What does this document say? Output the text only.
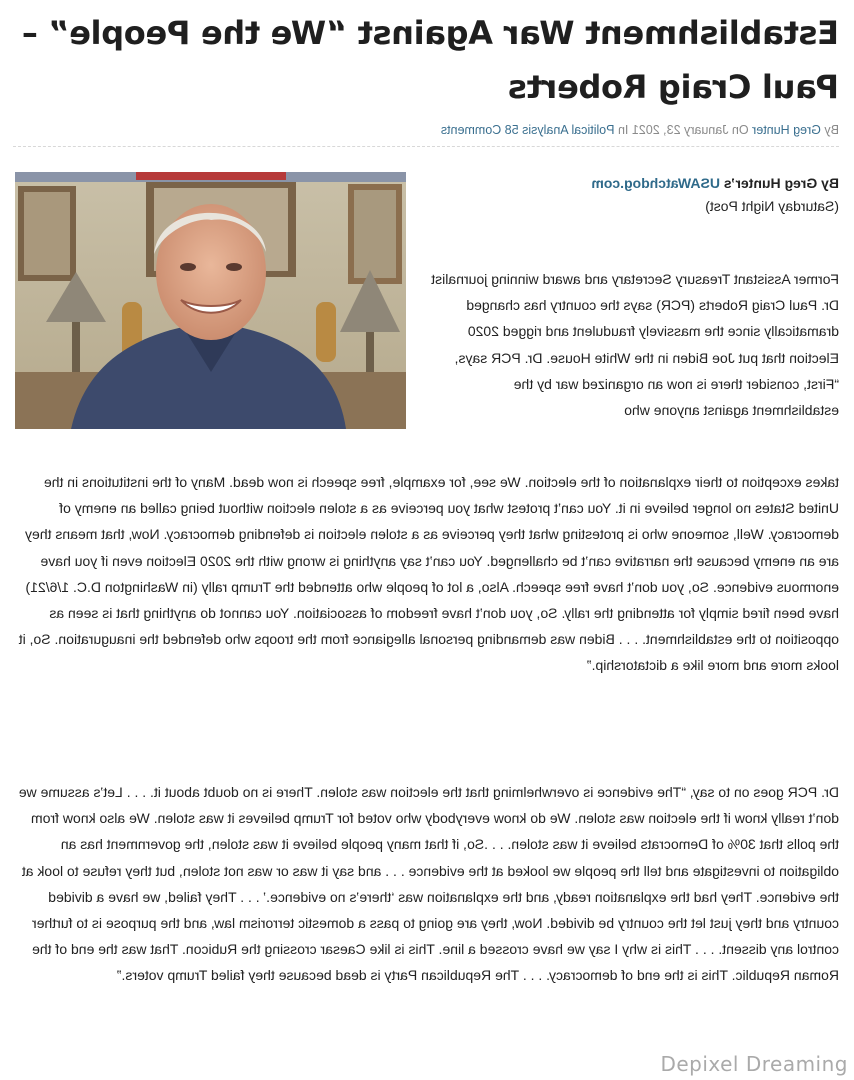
Establishment War Against “We the People” – Paul Craig Roberts
By Greg Hunter On January 23, 2021 In Political Analysis 58 Comments
By Greg Hunter’s USAWatchdog.com
(Saturday Night Post)

Former Assistant Treasury Secretary and award winning journalist Dr. Paul Craig Roberts (PCR) says the country has changed dramatically since the massively fraudulent and rigged 2020 Election that put Joe Biden in the White House. Dr. PCR says, “First, consider there is now an organized war by the establishment against anyone who

takes exception to their explanation of the election. We see, for example, free speech is now dead. Many of the institutions in the United States no longer believe in it. You can’t protest what you perceive as a stolen election without being called an enemy of democracy. Well, someone who is protesting what they perceive as a stolen election is defending democracy. Now, that means they are an enemy because the narrative can’t be challenged. You can’t say anything is wrong with the 2020 Election even if you have enormous evidence. So, you don’t have free speech. Also, a lot of people who attended the Trump rally (in Washington D.C. 1/6/21) have been fired simply for attending the rally. So, you don’t have freedom of association. You cannot do anything that is seen as opposition to the establishment. . . . Biden was demanding personal allegiance from the troops who defended the inauguration. So, it looks more and more like a dictatorship.”

Dr. PCR goes on to say, “The evidence is overwhelming that the election was stolen. There is no doubt about it. . . . Let’s assume we don’t really know if the election was stolen. We do know everybody who voted for Trump believes it was stolen. We also know from the polls that 30% of Democrats believe it was stolen. . . .So, if that many people believe it was stolen, the government has an obligation to investigate and tell the people we looked at the evidence . . . and say it was or was not stolen, but they refuse to look at the evidence. They had the explanation ready, and the explanation was ‘there’s no evidence.’ . . . They failed, we have a divided country and they just let the country be divided. Now, they are going to pass a domestic terrorism law, and the purpose is to further control any dissent. . . . This is why I say we have crossed a line. This is like Caesar crossing the Rubicon. That was the end of the Roman Republic. This is the end of democracy. . . . The Republican Party is dead because they failed Trump voters.”

Depixel Dreaming
